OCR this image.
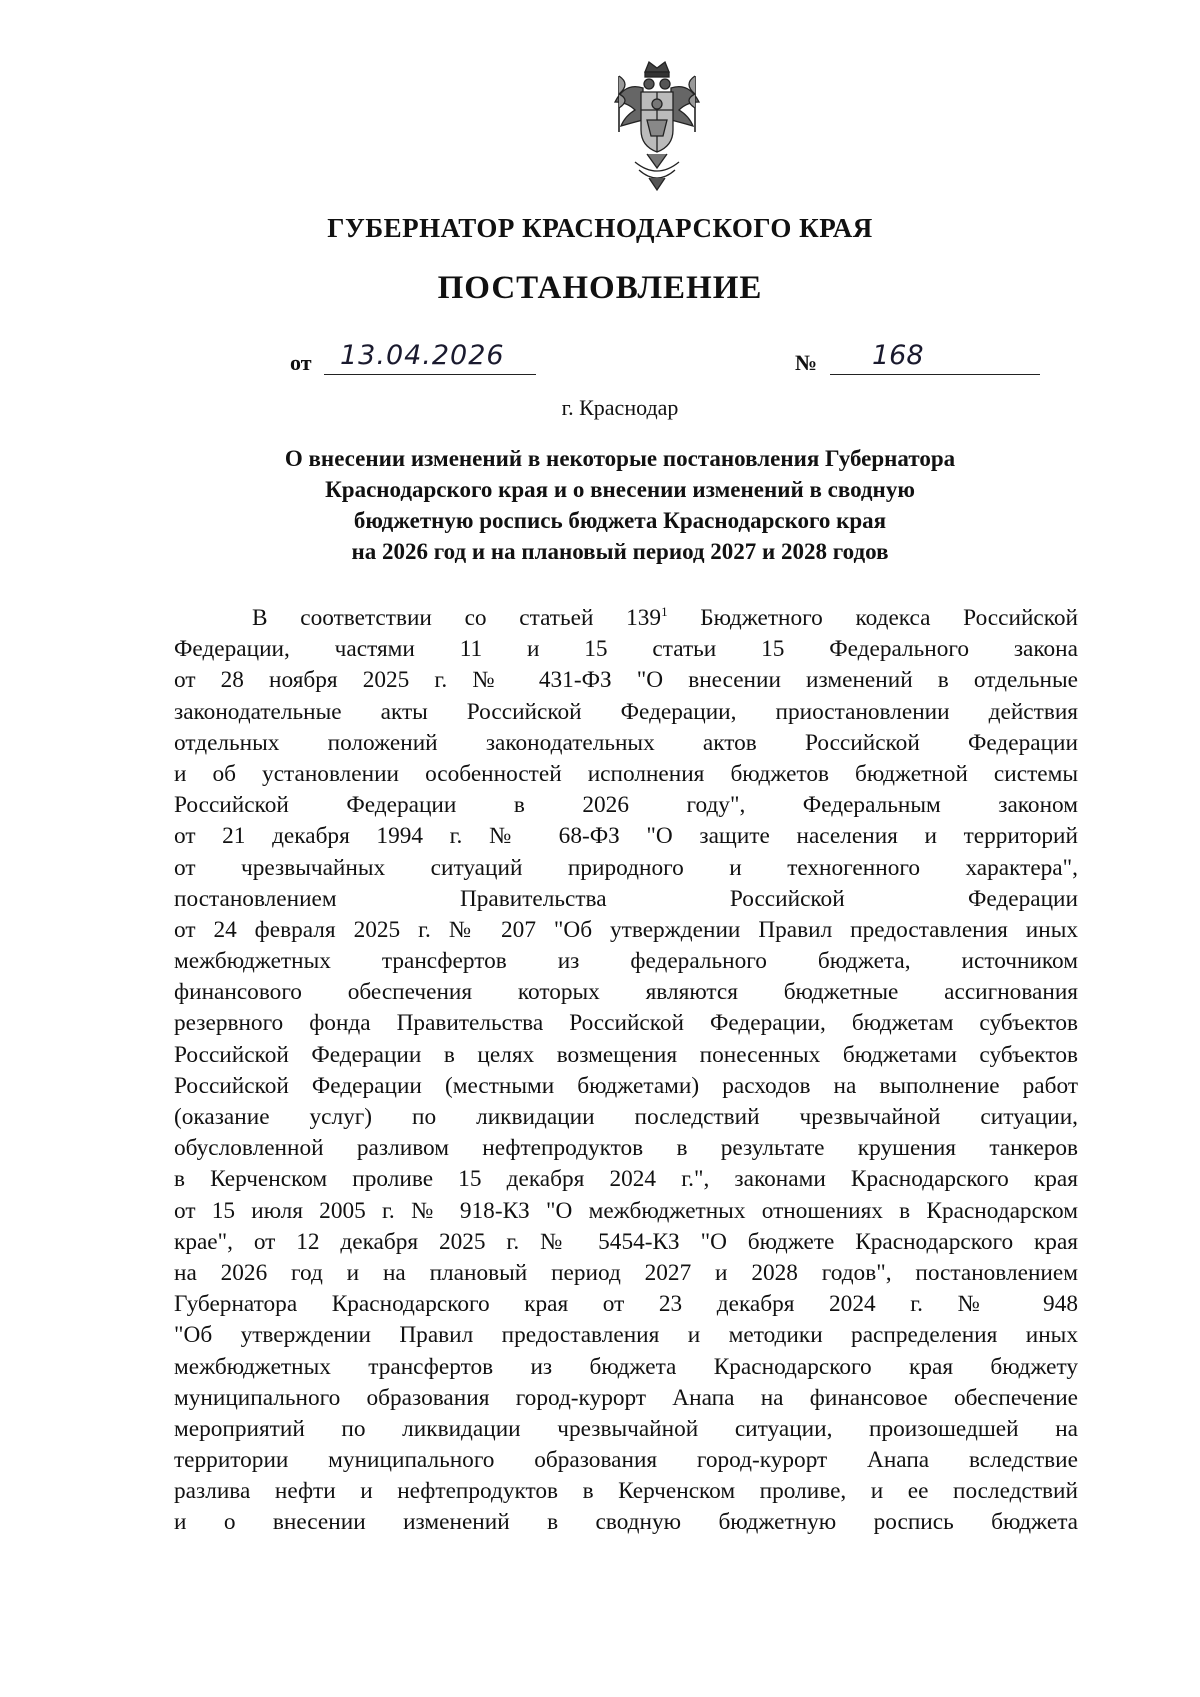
ГУБЕРНАТОР КРАСНОДАРСКОГО КРАЯ
ПОСТАНОВЛЕНИЕ
от 13.04.2026	№ 168
г. Краснодар
О внесении изменений в некоторые постановления Губернатора
Краснодарского края и о внесении изменений в сводную
бюджетную роспись бюджета Краснодарского края
на 2026 год и на плановый период 2027 и 2028 годов
В соответствии со статьей $139^1$ Бюджетного кодекса Российской
Федерации, частями 11 и 15 статьи 15 Федерального закона
от 28 ноября 2025 г. № 431-ФЗ "О внесении изменений в отдельные
законодательные акты Российской Федерации, приостановлении действия
отдельных положений законодательных актов Российской Федерации
и об установлении особенностей исполнения бюджетов бюджетной системы
Российской Федерации в 2026 году", Федеральным законом
от 21 декабря 1994 г. № 68-ФЗ "О защите населения и территорий
от чрезвычайных ситуаций природного и техногенного характера",
постановлением Правительства Российской Федерации
от 24 февраля 2025 г. № 207 "Об утверждении Правил предоставления иных
межбюджетных трансфертов из федерального бюджета, источником
финансового обеспечения которых являются бюджетные ассигнования
резервного фонда Правительства Российской Федерации, бюджетам субъектов
Российской Федерации в целях возмещения понесенных бюджетами субъектов
Российской Федерации (местными бюджетами) расходов на выполнение работ
(оказание услуг) по ликвидации последствий чрезвычайной ситуации,
обусловленной разливом нефтепродуктов в результате крушения танкеров
в Керченском проливе 15 декабря 2024 г.", законами Краснодарского края
от 15 июля 2005 г. № 918-КЗ "О межбюджетных отношениях в Краснодарском
крае", от 12 декабря 2025 г. № 5454-КЗ "О бюджете Краснодарского края
на 2026 год и на плановый период 2027 и 2028 годов", постановлением
Губернатора Краснодарского края от 23 декабря 2024 г. № 948
"Об утверждении Правил предоставления и методики распределения иных
межбюджетных трансфертов из бюджета Краснодарского края бюджету
муниципального образования город-курорт Анапа на финансовое обеспечение
мероприятий по ликвидации чрезвычайной ситуации, произошедшей на
территории муниципального образования город-курорт Анапа вследствие
разлива нефти и нефтепродуктов в Керченском проливе, и ее последствий
и о внесении изменений в сводную бюджетную роспись бюджета
